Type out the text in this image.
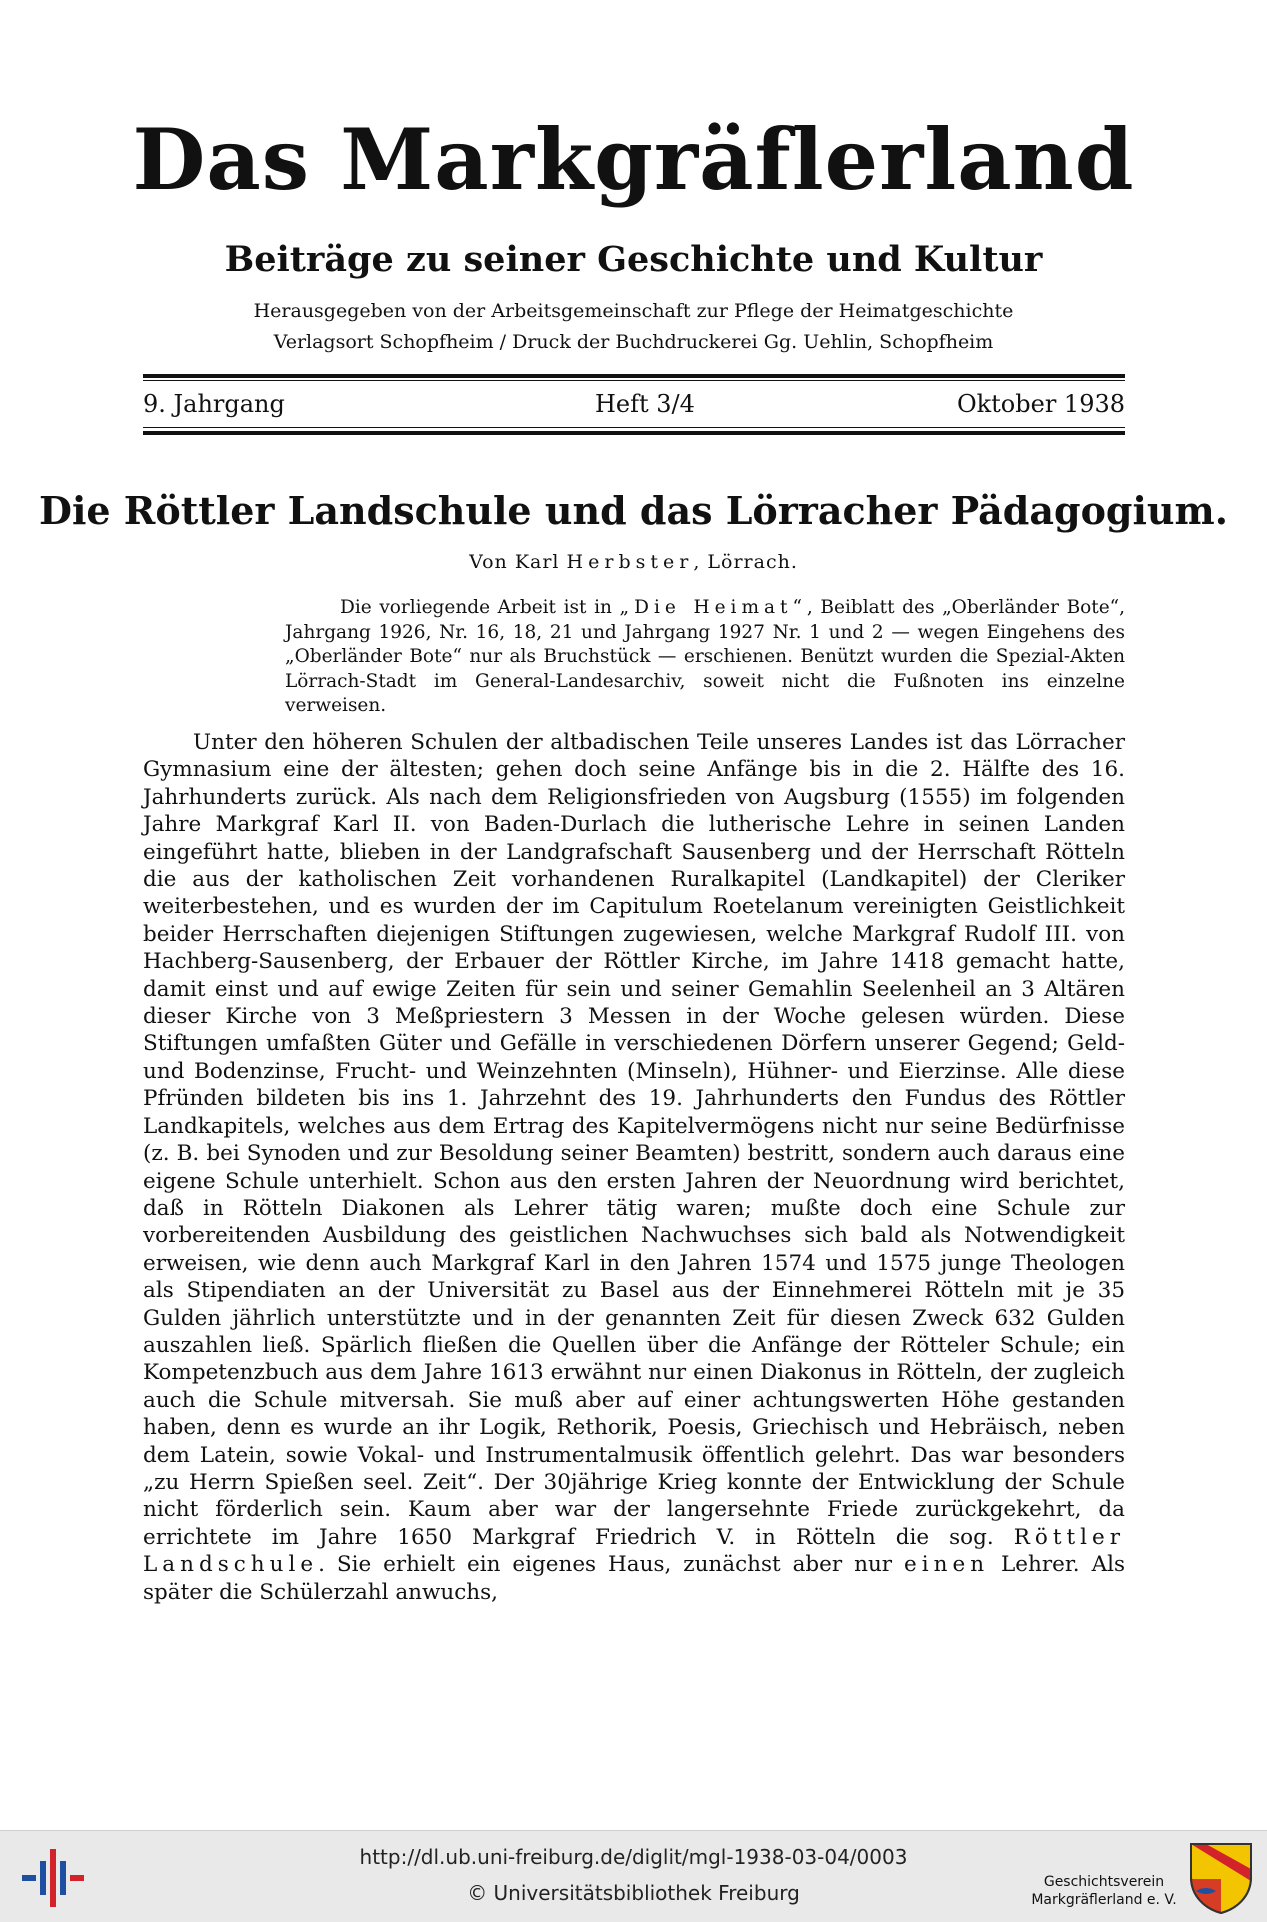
Das Markgräflerland
Beiträge zu seiner Geschichte und Kultur
Herausgegeben von der Arbeitsgemeinschaft zur Pflege der Heimatgeschichte
Verlagsort Schopfheim / Druck der Buchdruckerei Gg. Uehlin, Schopfheim
9. Jahrgang	Heft 3/4	Oktober 1938
Die Röttler Landschule und das Lörracher Pädagogium.
Von Karl Herbster, Lörrach.

Die vorliegende Arbeit ist in „Die Heimat“, Beiblatt des „Oberländer Bote“, Jahrgang 1926, Nr. 16, 18, 21 und Jahrgang 1927 Nr. 1 und 2 — wegen Eingehens des „Oberländer Bote“ nur als Bruchstück — erschienen. Benützt wurden die Spezial-Akten Lörrach-Stadt im General-Landesarchiv, soweit nicht die Fußnoten ins einzelne verweisen.

Unter den höheren Schulen der altbadischen Teile unseres Landes ist das Lörracher Gymnasium eine der ältesten; gehen doch seine Anfänge bis in die 2. Hälfte des 16. Jahrhunderts zurück. Als nach dem Religionsfrieden von Augsburg (1555) im folgenden Jahre Markgraf Karl II. von Baden-Durlach die lutherische Lehre in seinen Landen eingeführt hatte, blieben in der Landgrafschaft Sausenberg und der Herrschaft Rötteln die aus der katholischen Zeit vorhandenen Ruralkapitel (Landkapitel) der Cleriker weiterbestehen, und es wurden der im Capitulum Roetelanum vereinigten Geistlichkeit beider Herrschaften diejenigen Stiftungen zugewiesen, welche Markgraf Rudolf III. von Hachberg-Sausenberg, der Erbauer der Röttler Kirche, im Jahre 1418 gemacht hatte, damit einst und auf ewige Zeiten für sein und seiner Gemahlin Seelenheil an 3 Altären dieser Kirche von 3 Meßpriestern 3 Messen in der Woche gelesen würden. Diese Stiftungen umfaßten Güter und Gefälle in verschiedenen Dörfern unserer Gegend; Geld- und Bodenzinse, Frucht- und Weinzehnten (Minseln), Hühner- und Eierzinse. Alle diese Pfründen bildeten bis ins 1. Jahrzehnt des 19. Jahrhunderts den Fundus des Röttler Landkapitels, welches aus dem Ertrag des Kapitelvermögens nicht nur seine Bedürfnisse (z. B. bei Synoden und zur Besoldung seiner Beamten) bestritt, sondern auch daraus eine eigene Schule unterhielt. Schon aus den ersten Jahren der Neuordnung wird berichtet, daß in Rötteln Diakonen als Lehrer tätig waren; mußte doch eine Schule zur vorbereitenden Ausbildung des geistlichen Nachwuchses sich bald als Notwendigkeit erweisen, wie denn auch Markgraf Karl in den Jahren 1574 und 1575 junge Theologen als Stipendiaten an der Universität zu Basel aus der Einnehmerei Rötteln mit je 35 Gulden jährlich unterstützte und in der genannten Zeit für diesen Zweck 632 Gulden auszahlen ließ. Spärlich fließen die Quellen über die Anfänge der Rötteler Schule; ein Kompetenzbuch aus dem Jahre 1613 erwähnt nur einen Diakonus in Rötteln, der zugleich auch die Schule mitversah. Sie muß aber auf einer achtungswerten Höhe gestanden haben, denn es wurde an ihr Logik, Rethorik, Poesis, Griechisch und Hebräisch, neben dem Latein, sowie Vokal- und Instrumentalmusik öffentlich gelehrt. Das war besonders „zu Herrn Spießen seel. Zeit“. Der 30jährige Krieg konnte der Entwicklung der Schule nicht förderlich sein. Kaum aber war der langersehnte Friede zurückgekehrt, da errichtete im Jahre 1650 Markgraf Friedrich V. in Rötteln die sog. Röttler Landschule. Sie erhielt ein eigenes Haus, zunächst aber nur einen Lehrer. Als später die Schülerzahl anwuchs,

http://dl.ub.uni-freiburg.de/diglit/mgl-1938-03-04/0003
© Universitätsbibliothek Freiburg	Geschichtsverein
Markgräflerland e. V.
